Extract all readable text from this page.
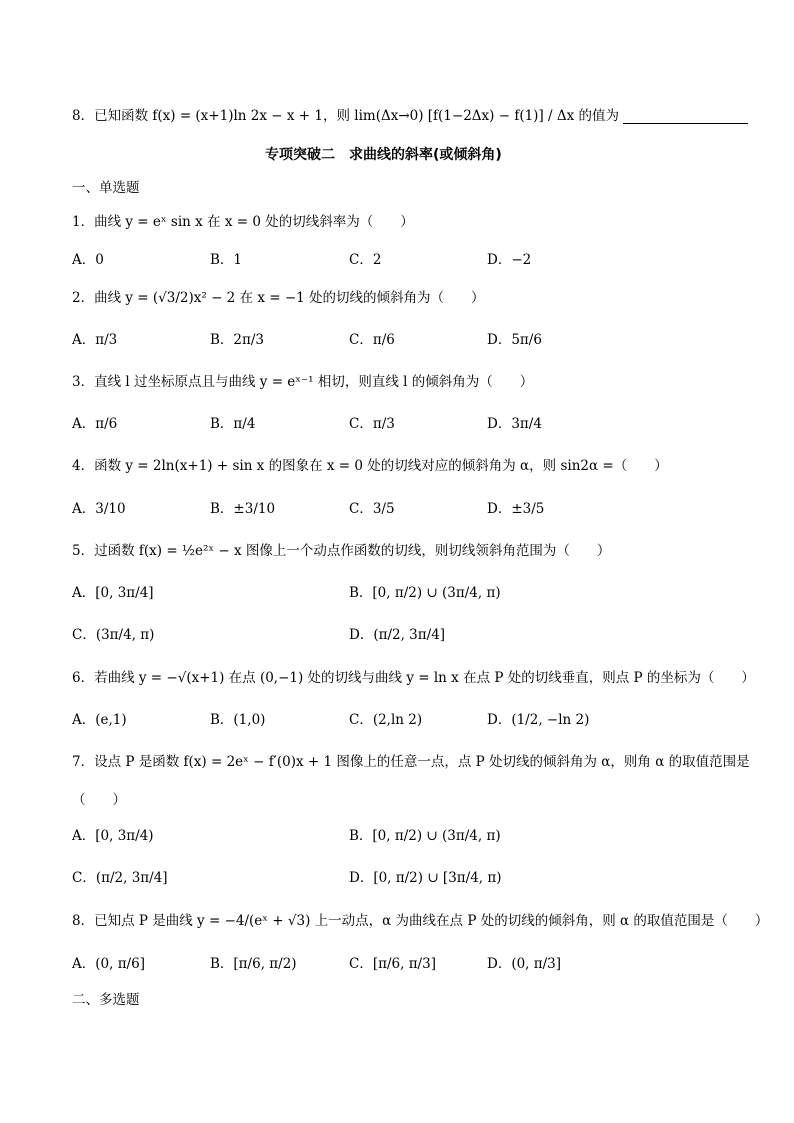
8．已知函数 f(x) = (x+1)ln 2x − x + 1，则 lim(Δx→0) [f(1−2Δx) − f(1)] / Δx 的值为
专项突破二　求曲线的斜率(或倾斜角)
一、单选题
1．曲线 y = eˣ sin x 在 x = 0 处的切线斜率为（　　）
A．0	B．1	C．2	D．−2
2．曲线 y = (√3/2)x² − 2 在 x = −1 处的切线的倾斜角为（　　）
A．π/3	B．2π/3	C．π/6	D．5π/6
3．直线 l 过坐标原点且与曲线 y = eˣ⁻¹ 相切，则直线 l 的倾斜角为（　　）
A．π/6	B．π/4	C．π/3	D．3π/4
4．函数 y = 2ln(x+1) + sin x 的图象在 x = 0 处的切线对应的倾斜角为 α，则 sin2α =（　　）
A．3/10	B．±3/10	C．3/5	D．±3/5
5．过函数 f(x) = ½e²ˣ − x 图像上一个动点作函数的切线，则切线领斜角范围为（　　）
A．[0, 3π/4]	B．[0, π/2) ∪ (3π/4, π)
C．(3π/4, π)	D．(π/2, 3π/4]
6．若曲线 y = −√(x+1) 在点 (0,−1) 处的切线与曲线 y = ln x 在点 P 处的切线垂直，则点 P 的坐标为（　　）
A．(e,1)	B．(1,0)	C．(2,ln 2)	D．(1/2, −ln 2)
7．设点 P 是函数 f(x) = 2eˣ − f′(0)x + 1 图像上的任意一点，点 P 处切线的倾斜角为 α，则角 α 的取值范围是
（　　）
A．[0, 3π/4)	B．[0, π/2) ∪ (3π/4, π)
C．(π/2, 3π/4]	D．[0, π/2) ∪ [3π/4, π)
8．已知点 P 是曲线 y = −4/(eˣ + √3) 上一动点，α 为曲线在点 P 处的切线的倾斜角，则 α 的取值范围是（　　）
A．(0, π/6]	B．[π/6, π/2)	C．[π/6, π/3]	D．(0, π/3]
二、多选题
